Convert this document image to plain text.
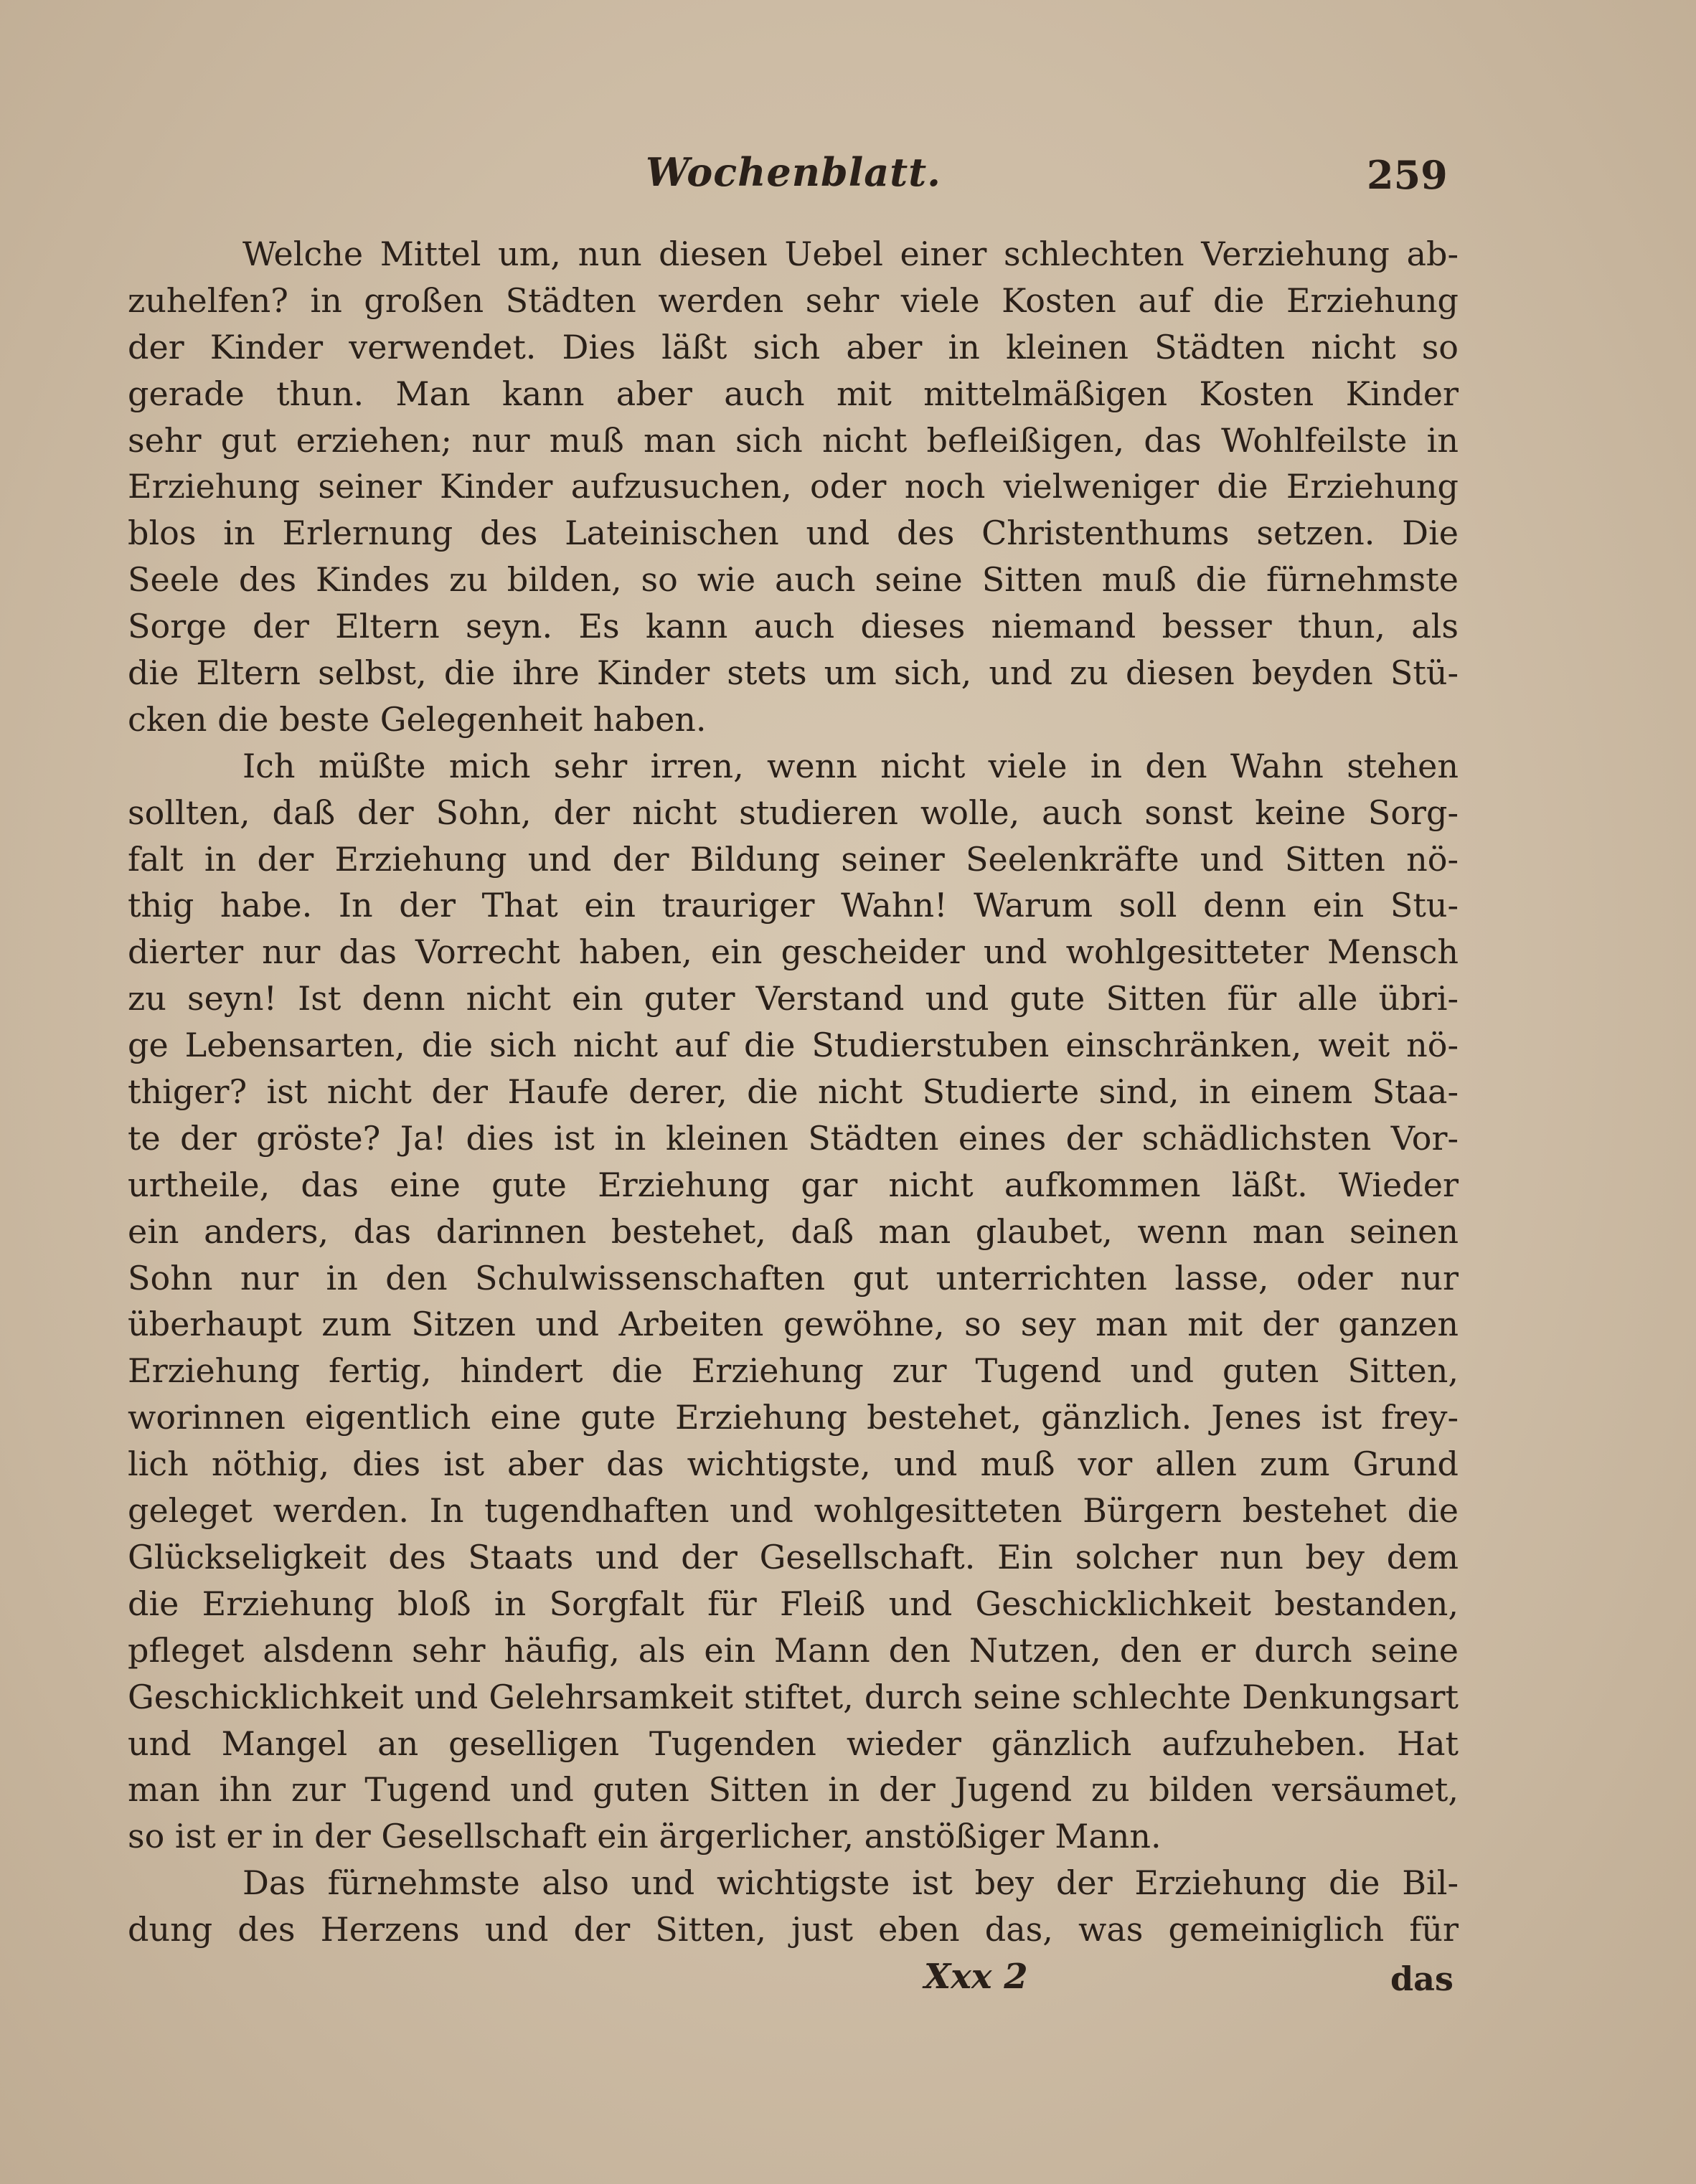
Wochenblatt.	259
Welche Mittel um, nun diesen Uebel einer schlechten Verziehung ab-
zuhelfen? in großen Städten werden sehr viele Kosten auf die Erziehung
der Kinder verwendet. Dies läßt sich aber in kleinen Städten nicht so
gerade thun. Man kann aber auch mit mittelmäßigen Kosten Kinder
sehr gut erziehen; nur muß man sich nicht befleißigen, das Wohlfeilste in
Erziehung seiner Kinder aufzusuchen, oder noch vielweniger die Erziehung
blos in Erlernung des Lateinischen und des Christenthums setzen. Die
Seele des Kindes zu bilden, so wie auch seine Sitten muß die fürnehmste
Sorge der Eltern seyn. Es kann auch dieses niemand besser thun, als
die Eltern selbst, die ihre Kinder stets um sich, und zu diesen beyden Stü-
cken die beste Gelegenheit haben.
Ich müßte mich sehr irren, wenn nicht viele in den Wahn stehen
sollten, daß der Sohn, der nicht studieren wolle, auch sonst keine Sorg-
falt in der Erziehung und der Bildung seiner Seelenkräfte und Sitten nö-
thig habe. In der That ein trauriger Wahn! Warum soll denn ein Stu-
dierter nur das Vorrecht haben, ein gescheider und wohlgesitteter Mensch
zu seyn! Ist denn nicht ein guter Verstand und gute Sitten für alle übri-
ge Lebensarten, die sich nicht auf die Studierstuben einschränken, weit nö-
thiger? ist nicht der Haufe derer, die nicht Studierte sind, in einem Staa-
te der gröste? Ja! dies ist in kleinen Städten eines der schädlichsten Vor-
urtheile, das eine gute Erziehung gar nicht aufkommen läßt. Wieder
ein anders, das darinnen bestehet, daß man glaubet, wenn man seinen
Sohn nur in den Schulwissenschaften gut unterrichten lasse, oder nur
überhaupt zum Sitzen und Arbeiten gewöhne, so sey man mit der ganzen
Erziehung fertig, hindert die Erziehung zur Tugend und guten Sitten,
worinnen eigentlich eine gute Erziehung bestehet, gänzlich. Jenes ist frey-
lich nöthig, dies ist aber das wichtigste, und muß vor allen zum Grund
geleget werden. In tugendhaften und wohlgesitteten Bürgern bestehet die
Glückseligkeit des Staats und der Gesellschaft. Ein solcher nun bey dem
die Erziehung bloß in Sorgfalt für Fleiß und Geschicklichkeit bestanden,
pfleget alsdenn sehr häufig, als ein Mann den Nutzen, den er durch seine
Geschicklichkeit und Gelehrsamkeit stiftet, durch seine schlechte Denkungsart
und Mangel an geselligen Tugenden wieder gänzlich aufzuheben. Hat
man ihn zur Tugend und guten Sitten in der Jugend zu bilden versäumet,
so ist er in der Gesellschaft ein ärgerlicher, anstößiger Mann.
Das fürnehmste also und wichtigste ist bey der Erziehung die Bil-
dung des Herzens und der Sitten, just eben das, was gemeiniglich für
Xxx 2	das
